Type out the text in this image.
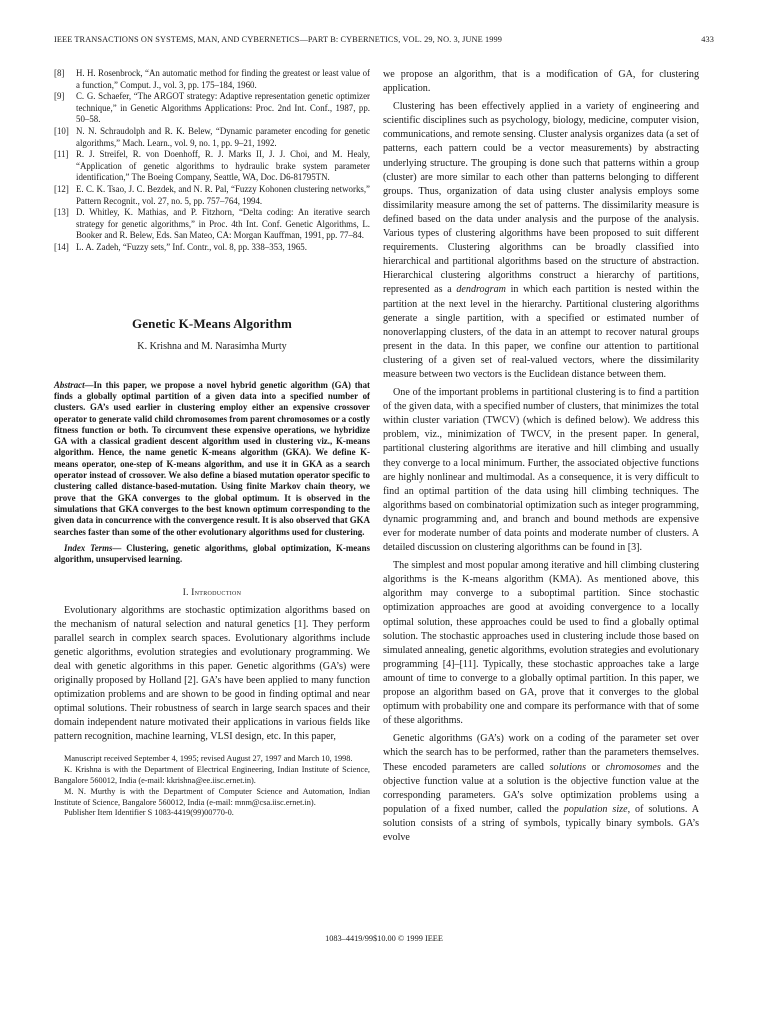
IEEE TRANSACTIONS ON SYSTEMS, MAN, AND CYBERNETICS—PART B: CYBERNETICS, VOL. 29, NO. 3, JUNE 1999	433
[8]	H. H. Rosenbrock, “An automatic method for finding the greatest or least value of a function,” Comput. J., vol. 3, pp. 175–184, 1960.
[9]	C. G. Schaefer, “The ARGOT strategy: Adaptive representation genetic optimizer technique,” in Genetic Algorithms Applications: Proc. 2nd Int. Conf., 1987, pp. 50–58.
[10] N. N. Schraudolph and R. K. Belew, “Dynamic parameter encoding for genetic algorithms,” Mach. Learn., vol. 9, no. 1, pp. 9–21, 1992.
[11] R. J. Streifel, R. von Doenhoff, R. J. Marks II, J. J. Choi, and M. Healy, “Application of genetic algorithms to hydraulic brake system parameter identification,” The Boeing Company, Seattle, WA, Doc. D6-81795TN.
[12] E. C. K. Tsao, J. C. Bezdek, and N. R. Pal, “Fuzzy Kohonen clustering networks,” Pattern Recognit., vol. 27, no. 5, pp. 757–764, 1994.
[13] D. Whitley, K. Mathias, and P. Fitzhorn, “Delta coding: An iterative search strategy for genetic algorithms,” in Proc. 4th Int. Conf. Genetic Algorithms, L. Booker and R. Belew, Eds. San Mateo, CA: Morgan Kauffman, 1991, pp. 77–84.
[14] L. A. Zadeh, “Fuzzy sets,” Inf. Contr., vol. 8, pp. 338–353, 1965.
Genetic K-Means Algorithm
K. Krishna and M. Narasimha Murty
Abstract—In this paper, we propose a novel hybrid genetic algorithm (GA) that finds a globally optimal partition of a given data into a specified number of clusters. GA’s used earlier in clustering employ either an expensive crossover operator to generate valid child chromosomes from parent chromosomes or a costly fitness function or both. To circumvent these expensive operations, we hybridize GA with a classical gradient descent algorithm used in clustering viz., K-means algorithm. Hence, the name genetic K-means algorithm (GKA). We define K-means operator, one-step of K-means algorithm, and use it in GKA as a search operator instead of crossover. We also define a biased mutation operator specific to clustering called distance-based-mutation. Using finite Markov chain theory, we prove that the GKA converges to the global optimum. It is observed in the simulations that GKA converges to the best known optimum corresponding to the given data in concurrence with the convergence result. It is also observed that GKA searches faster than some of the other evolutionary algorithms used for clustering.
Index Terms— Clustering, genetic algorithms, global optimization, K-means algorithm, unsupervised learning.
I. Introduction

Evolutionary algorithms are stochastic optimization algorithms based on the mechanism of natural selection and natural genetics [1]. They perform parallel search in complex search spaces. Evolutionary algorithms include genetic algorithms, evolution strategies and evolutionary programming. We deal with genetic algorithms in this paper. Genetic algorithms (GA’s) were originally proposed by Holland [2]. GA’s have been applied to many function optimization problems and are shown to be good in finding optimal and near optimal solutions. Their robustness of search in large search spaces and their domain independent nature motivated their applications in various fields like pattern recognition, machine learning, VLSI design, etc. In this paper,

Manuscript received September 4, 1995; revised August 27, 1997 and March 10, 1998.

K. Krishna is with the Department of Electrical Engineering, Indian Institute of Science, Bangalore 560012, India (e-mail: kkrishna@ee.iisc.ernet.in).

M. N. Murthy is with the Department of Computer Science and Automation, Indian Institute of Science, Bangalore 560012, India (e-mail: mnm@csa.iisc.ernet.in).

Publisher Item Identifier S 1083-4419(99)00770-0.

we propose an algorithm, that is a modification of GA, for clustering application.

Clustering has been effectively applied in a variety of engineering and scientific disciplines such as psychology, biology, medicine, computer vision, communications, and remote sensing. Cluster analysis organizes data (a set of patterns, each pattern could be a vector measurements) by abstracting underlying structure. The grouping is done such that patterns within a group (cluster) are more similar to each other than patterns belonging to different groups. Thus, organization of data using cluster analysis employs some dissimilarity measure among the set of patterns. The dissimilarity measure is defined based on the data under analysis and the purpose of the analysis. Various types of clustering algorithms have been proposed to suit different requirements. Clustering algorithms can be broadly classified into hierarchical and partitional algorithms based on the structure of abstraction. Hierarchical clustering algorithms construct a hierarchy of partitions, represented as a dendrogram in which each partition is nested within the partition at the next level in the hierarchy. Partitional clustering algorithms generate a single partition, with a specified or estimated number of nonoverlapping clusters, of the data in an attempt to recover natural groups present in the data. In this paper, we confine our attention to partitional clustering of a given set of real-valued vectors, where the dissimilarity measure between two vectors is the Euclidean distance between them.

One of the important problems in partitional clustering is to find a partition of the given data, with a specified number of clusters, that minimizes the total within cluster variation (TWCV) (which is defined below). We address this problem, viz., minimization of TWCV, in the present paper. In general, partitional clustering algorithms are iterative and hill climbing and usually they converge to a local minimum. Further, the associated objective functions are highly nonlinear and multimodal. As a consequence, it is very difficult to find an optimal partition of the data using hill climbing techniques. The algorithms based on combinatorial optimization such as integer programming, dynamic programming and, and branch and bound methods are expensive ever for moderate number of data points and moderate number of clusters. A detailed discussion on clustering algorithms can be found in [3].

The simplest and most popular among iterative and hill climbing clustering algorithms is the K-means algorithm (KMA). As mentioned above, this algorithm may converge to a suboptimal partition. Since stochastic optimization approaches are good at avoiding convergence to a locally optimal solution, these approaches could be used to find a globally optimal solution. The stochastic approaches used in clustering include those based on simulated annealing, genetic algorithms, evolution strategies and evolutionary programming [4]–[11]. Typically, these stochastic approaches take a large amount of time to converge to a globally optimal partition. In this paper, we propose an algorithm based on GA, prove that it converges to the global optimum with probability one and compare its performance with that of some of these algorithms.

Genetic algorithms (GA’s) work on a coding of the parameter set over which the search has to be performed, rather than the parameters themselves. These encoded parameters are called solutions or chromosomes and the objective function value at a solution is the objective function value at the corresponding parameters. GA’s solve optimization problems using a population of a fixed number, called the population size, of solutions. A solution consists of a string of symbols, typically binary symbols. GA’s evolve

1083–4419/99$10.00 © 1999 IEEE
